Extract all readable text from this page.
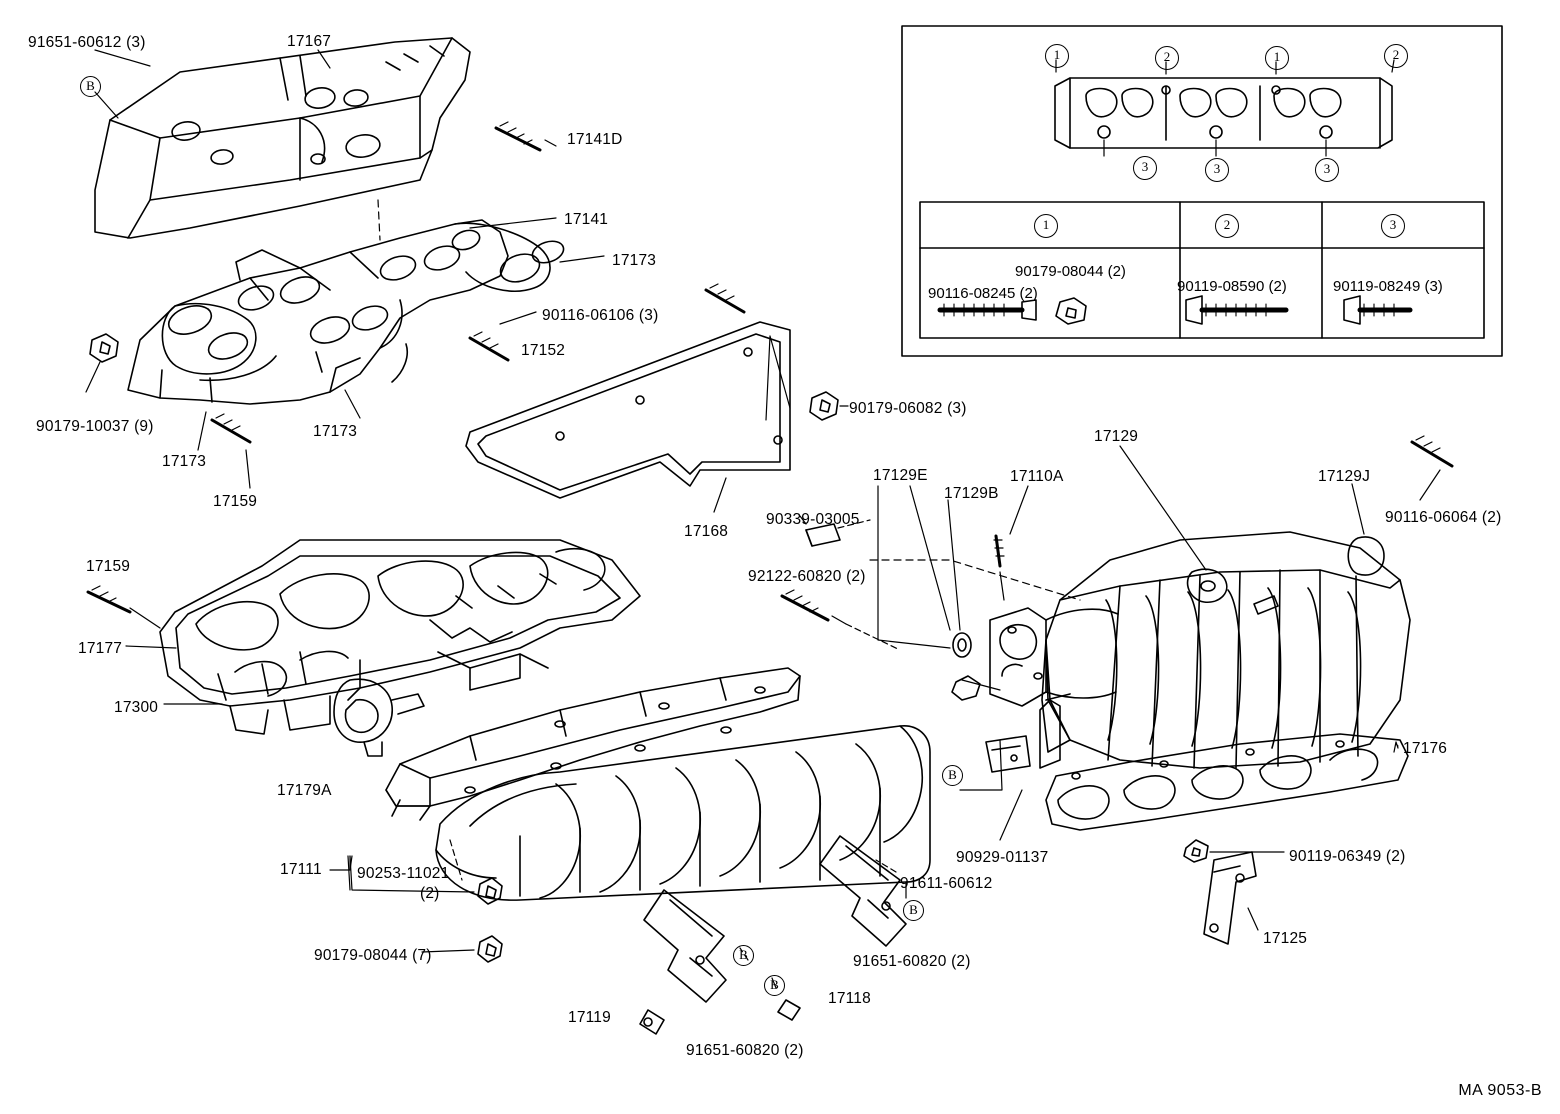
1	2	1	2
3	3	3
1	2	3
90179-08044 (2)
90116-08245 (2)	90119-08590 (2)	90119-08249 (3)
91651-60612 (3)	17167
17141D
17141
17173
90116-06106 (3)
17152
90179-10037 (9)	17173
17173
17159
17168
90179-06082 (3)
90339-03005
92122-60820 (2)
17159
17177
17300
17179A
17111 90253-11021
(2)
90179-08044 (7)
17119
91651-60820 (2)
91651-60820 (2)
17118
91611-60612
90929-01137
17129E
17129B
17110A
17129
17129J
90116-06064 (2)
17176
90119-06349 (2)
17125
B
B
B
B
B
MA 9053-B
